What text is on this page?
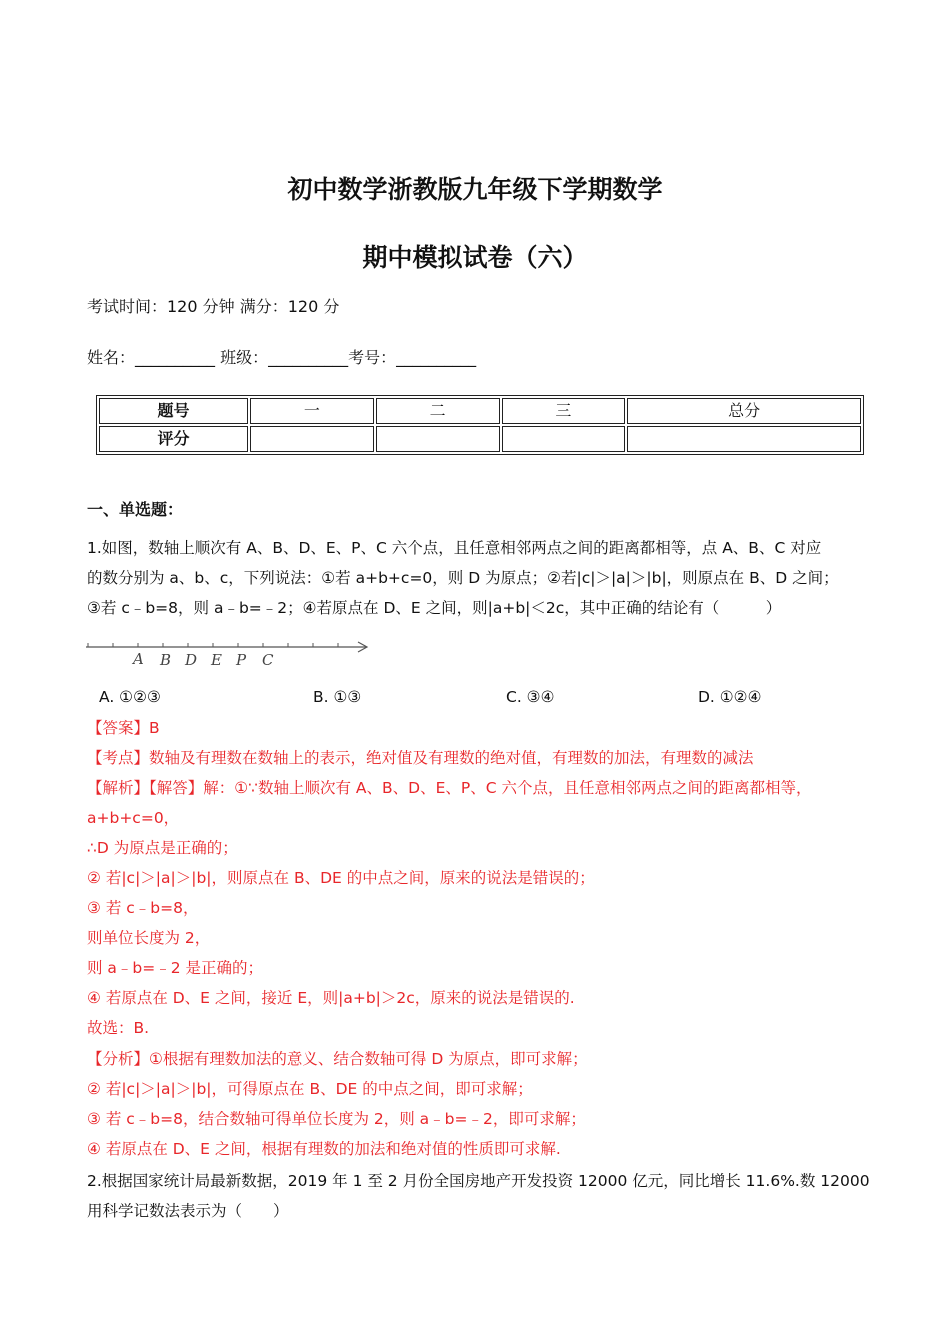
初中数学浙教版九年级下学期数学
期中模拟试卷（六）
考试时间：120 分钟 满分：120 分
姓名：__________ 班级：__________考号：__________
题号	一	二	三	总分
评分				
一、单选题：
1.如图，数轴上顺次有 A、B、D、E、P、C 六个点，且任意相邻两点之间的距离都相等，点 A、B、C 对应
的数分别为 a、b、c，下列说法：①若 a+b+c=0，则 D 为原点；②若|c|＞|a|＞|b|，则原点在 B、D 之间；
③若 c﹣b=8，则 a﹣b=﹣2；④若原点在 D、E 之间，则|a+b|＜2c，其中正确的结论有（　　　）
A B D E P C
A. ①②③	B. ①③	C. ③④	D. ①②④
【答案】B
【考点】数轴及有理数在数轴上的表示，绝对值及有理数的绝对值，有理数的加法，有理数的减法
【解析】【解答】解：①∵数轴上顺次有 A、B、D、E、P、C 六个点，且任意相邻两点之间的距离都相等，
a+b+c=0，
∴D 为原点是正确的；
② 若|c|＞|a|＞|b|，则原点在 B、DE 的中点之间，原来的说法是错误的；
③ 若 c﹣b=8，
则单位长度为 2，
则 a﹣b=﹣2 是正确的；
④ 若原点在 D、E 之间，接近 E，则|a+b|＞2c，原来的说法是错误的.
故选：B.
【分析】①根据有理数加法的意义、结合数轴可得 D 为原点，即可求解；
② 若|c|＞|a|＞|b|，可得原点在 B、DE 的中点之间，即可求解；
③ 若 c﹣b=8，结合数轴可得单位长度为 2，则 a﹣b=﹣2，即可求解；
④ 若原点在 D、E 之间，根据有理数的加法和绝对值的性质即可求解.
2.根据国家统计局最新数据，2019 年 1 至 2 月份全国房地产开发投资 12000 亿元，同比增长 11.6%.数 12000
用科学记数法表示为（　　）
